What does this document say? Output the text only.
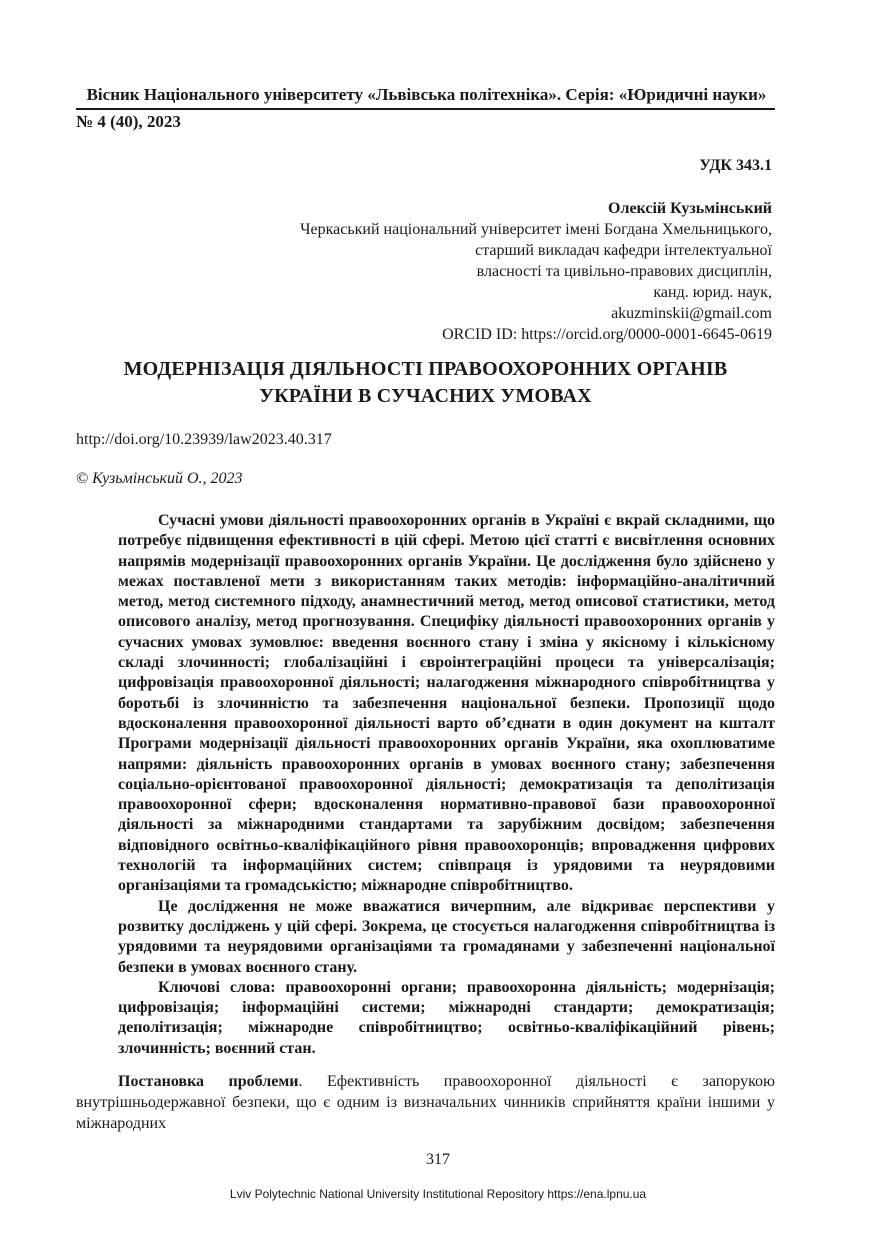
Вісник Національного університету «Львівська політехніка». Серія: «Юридичні науки»
№ 4 (40), 2023
УДК 343.1
Олексій Кузьмінський
Черкаський національний університет імені Богдана Хмельницького,
старший викладач кафедри інтелектуальної
власності та цивільно-правових дисциплін,
канд. юрид. наук,
akuzminskii@gmail.com
ORCID ID: https://orcid.org/0000-0001-6645-0619
МОДЕРНІЗАЦІЯ ДІЯЛЬНОСТІ ПРАВООХОРОННИХ ОРГАНІВ
УКРАЇНИ В СУЧАСНИХ УМОВАХ
http://doi.org/10.23939/law2023.40.317
© Кузьмінський О., 2023

Сучасні умови діяльності правоохоронних органів в Україні є вкрай складними, що потребує підвищення ефективності в цій сфері. Метою цієї статті є висвітлення основних напрямів модернізації правоохоронних органів України. Це дослідження було здійснено у межах поставленої мети з використанням таких методів: інформаційно-аналітичний метод, метод системного підходу, анамнестичний метод, метод описової статистики, метод описового аналізу, метод прогнозування. Специфіку діяльності правоохоронних органів у сучасних умовах зумовлює: введення воєнного стану і зміна у якісному і кількісному складі злочинності; глобалізаційні і євроінтеграційні процеси та універсалізація; цифровізація правоохоронної діяльності; налагодження міжнародного співробітництва у боротьбі із злочинністю та забезпечення національної безпеки. Пропозиції щодо вдосконалення правоохоронної діяльності варто об’єднати в один документ на кшталт Програми модернізації діяльності правоохоронних органів України, яка охоплюватиме напрями: діяльність правоохоронних органів в умовах воєнного стану; забезпечення соціально-орієнтованої правоохоронної діяльності; демократизація та деполітизація правоохоронної сфери; вдосконалення нормативно-правової бази правоохоронної діяльності за міжнародними стандартами та зарубіжним досвідом; забезпечення відповідного освітньо-кваліфікаційного рівня правоохоронців; впровадження цифрових технологій та інформаційних систем; співпраця із урядовими та неурядовими організаціями та громадськістю; міжнародне співробітництво.

Це дослідження не може вважатися вичерпним, але відкриває перспективи у розвитку досліджень у цій сфері. Зокрема, це стосується налагодження співробітництва із урядовими та неурядовими організаціями та громадянами у забезпеченні національної безпеки в умовах воєнного стану.

Ключові слова: правоохоронні органи; правоохоронна діяльність; модернізація; цифровізація; інформаційні системи; міжнародні стандарти; демократизація; деполітизація; міжнародне співробітництво; освітньо-кваліфікаційний рівень; злочинність; воєнний стан.

Постановка проблеми. Ефективність правоохоронної діяльності є запорукою внутрішньодержавної безпеки, що є одним із визначальних чинників сприйняття країни іншими у міжнародних

317
Lviv Polytechnic National University Institutional Repository https://ena.lpnu.ua
